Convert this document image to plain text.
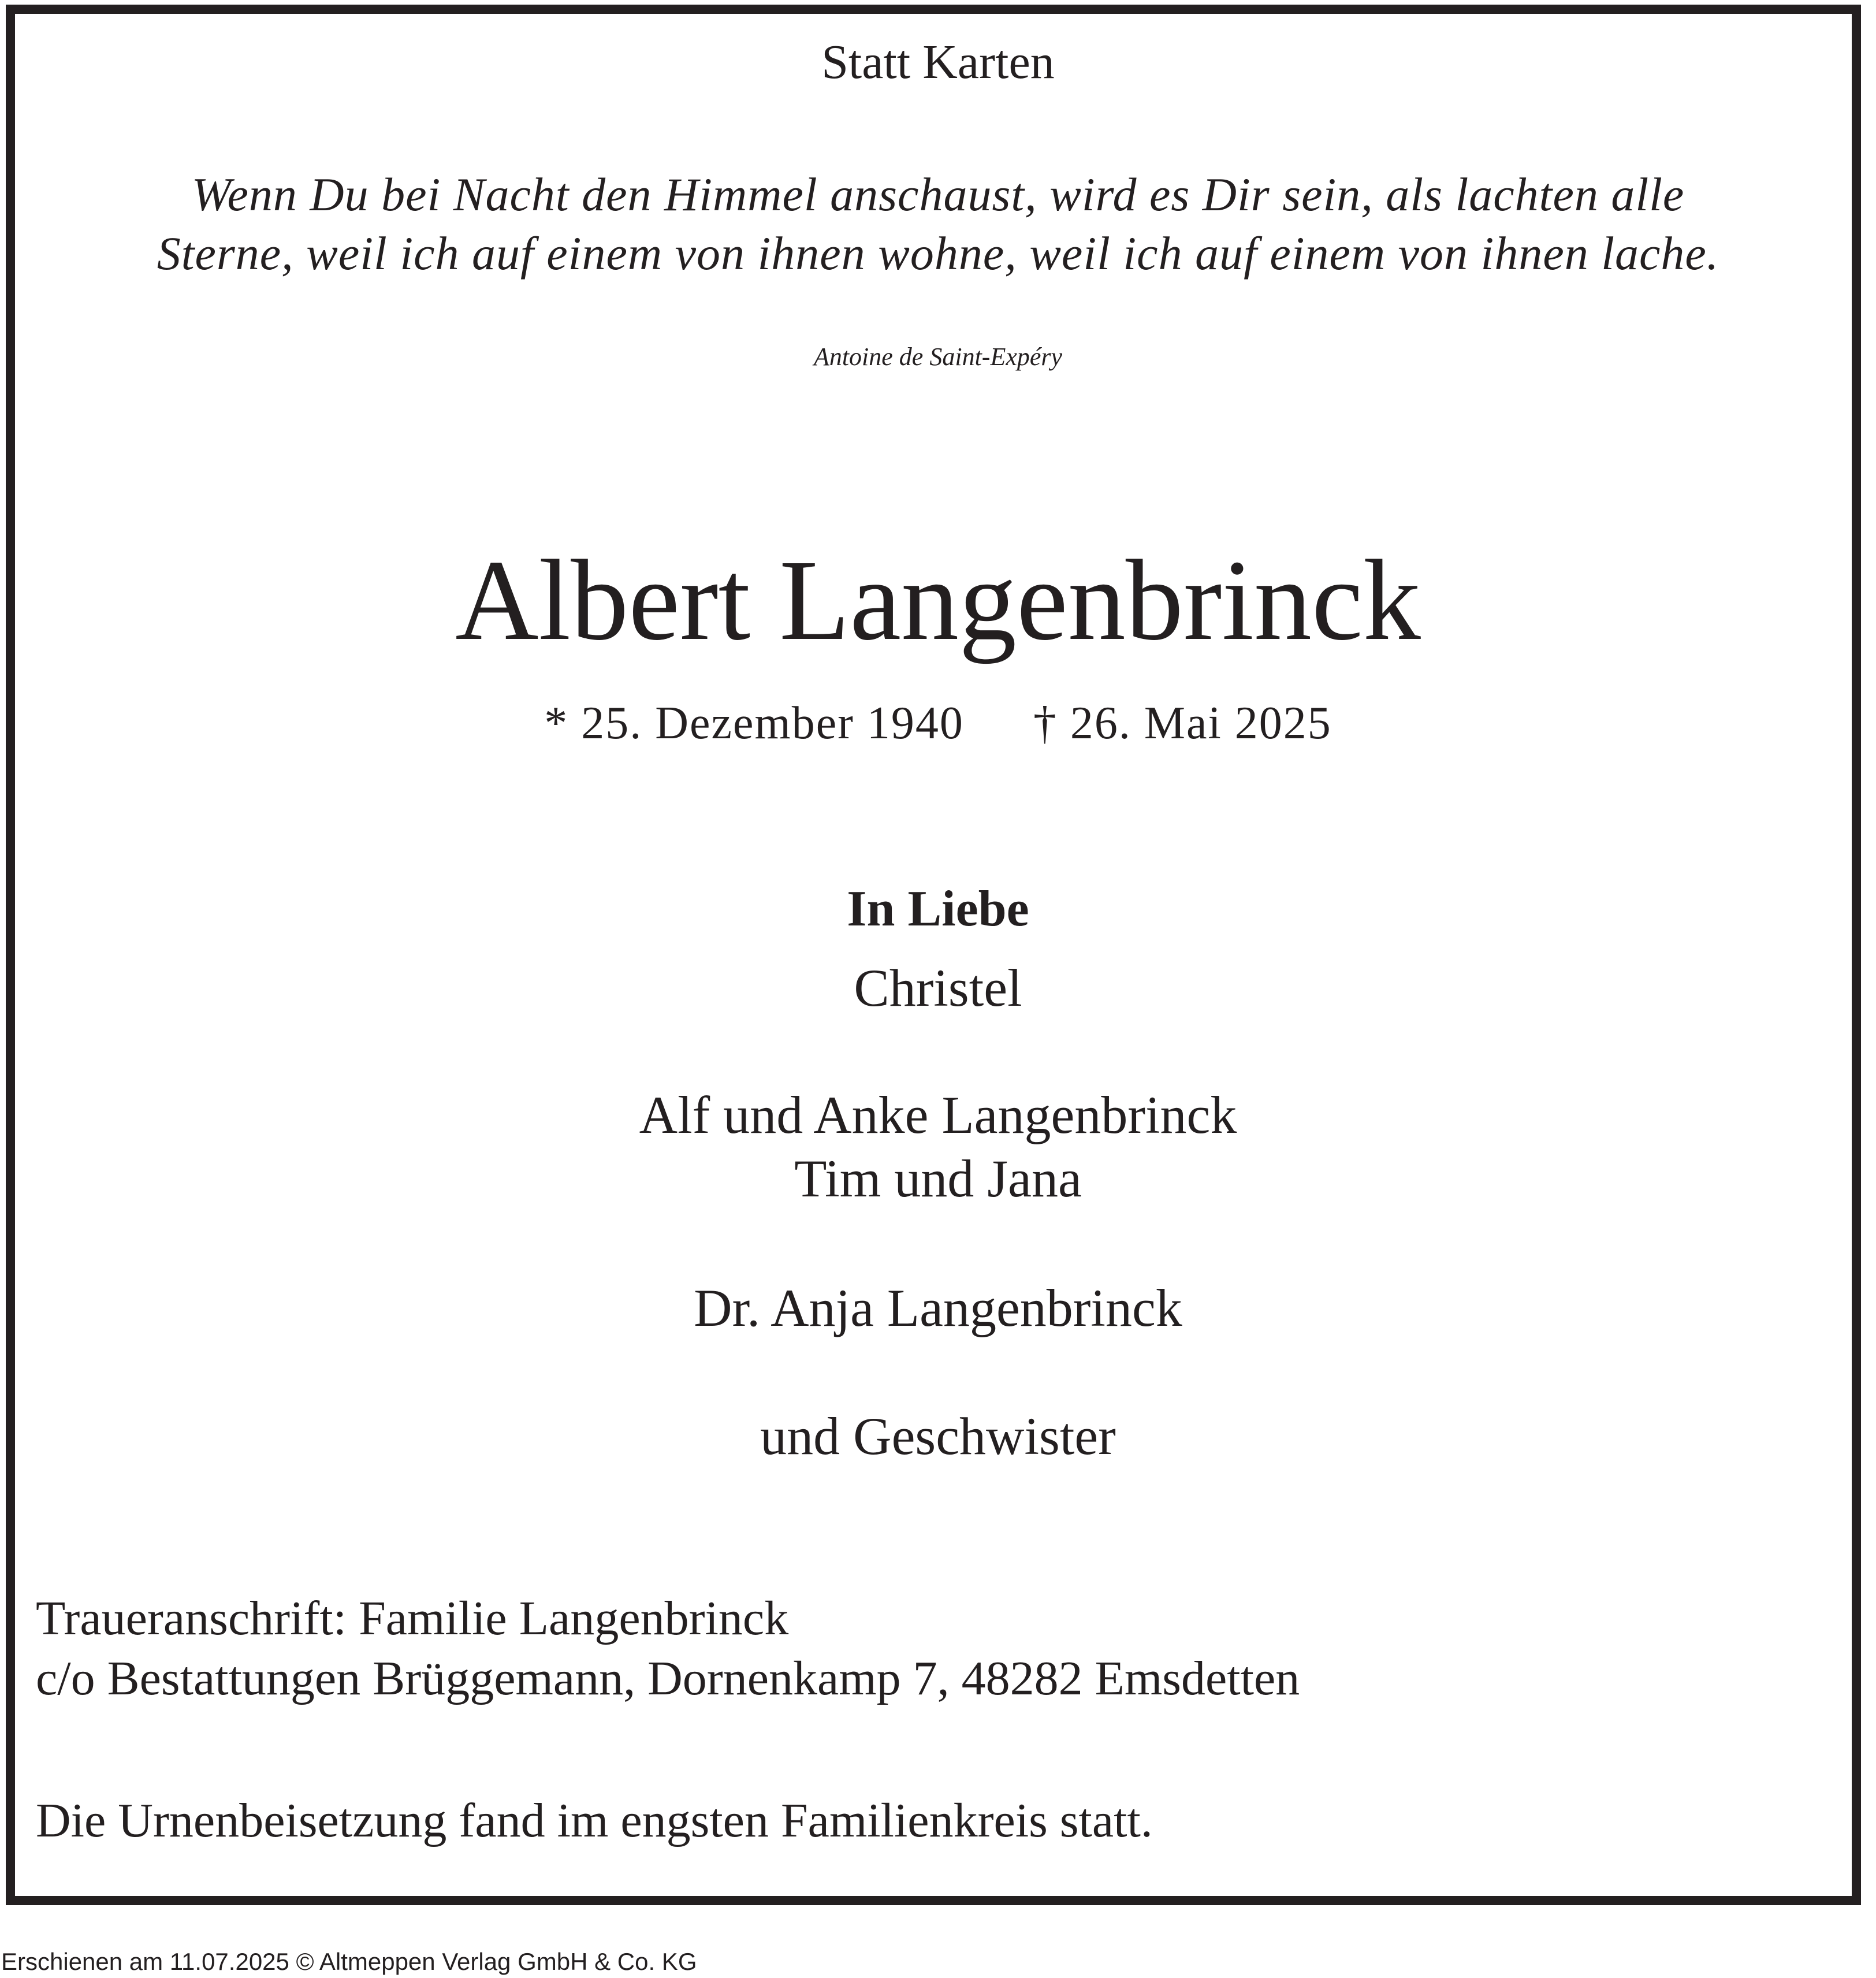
Statt Karten
Wenn Du bei Nacht den Himmel anschaust, wird es Dir sein, als lachten alle
Sterne, weil ich auf einem von ihnen wohne, weil ich auf einem von ihnen lache.
Antoine de Saint-Expéry
Albert Langenbrinck
* 25. Dezember 1940 † 26. Mai 2025
In Liebe
Christel
Alf und Anke Langenbrinck
Tim und Jana
Dr. Anja Langenbrinck
und Geschwister
Traueranschrift: Familie Langenbrinck
c/o Bestattungen Brüggemann, Dornenkamp 7, 48282 Emsdetten
Die Urnenbeisetzung fand im engsten Familienkreis statt.
Erschienen am 11.07.2025 © Altmeppen Verlag GmbH & Co. KG
